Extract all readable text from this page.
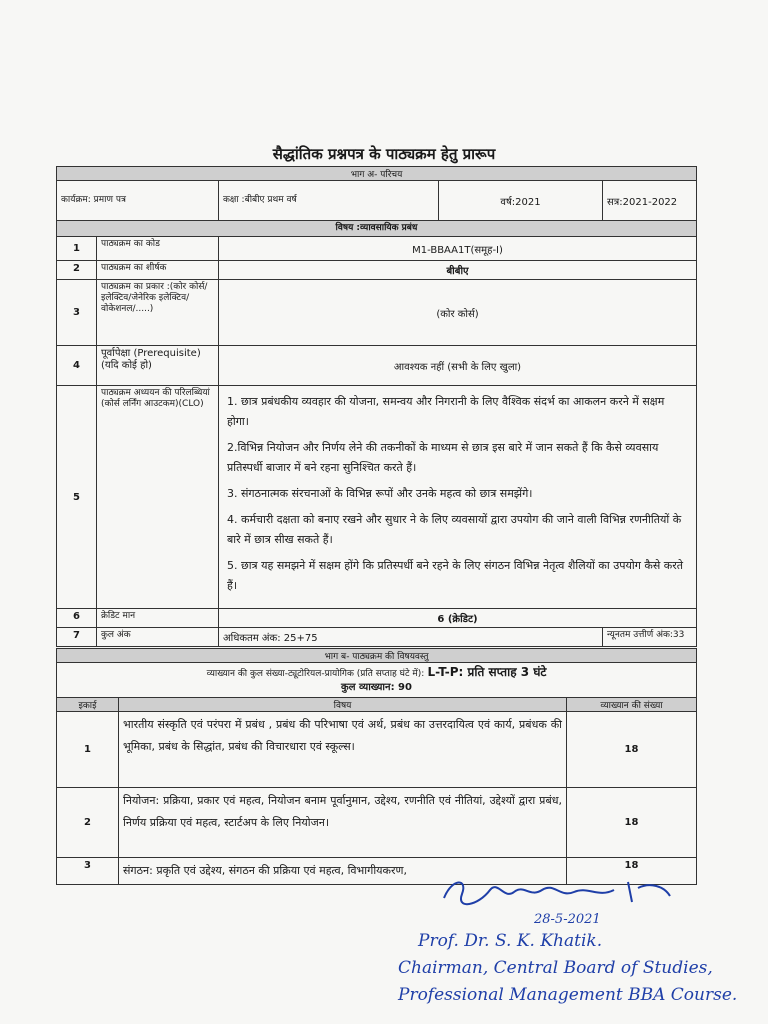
सैद्धांतिक प्रश्नपत्र के पाठ्यक्रम हेतु प्रारूप
भाग अ- परिचय				
कार्यक्रम: प्रमाण पत्र		कक्षा :बीबीए प्रथम वर्ष	वर्ष:2021	सत्र:2021-2022
विषय :व्यावसायिक प्रबंध				
1	पाठ्यक्रम का कोड	M1-BBAA1T(समूह-I)		
2	पाठ्यक्रम का शीर्षक	बीबीए		
3	पाठ्यक्रम का प्रकार :(कोर कोर्स/इलेक्टिव/जेनेरिक इलेक्टिव/वोकेशनल/.....)	(कोर कोर्स)		
4	पूर्वापेक्षा (Prerequisite) (यदि कोई हो)	आवश्यक नहीं (सभी के लिए खुला)		
5	पाठ्यक्रम अध्ययन की परिलब्धियां (कोर्स लर्निंग आउटकम)(CLO)	1. छात्र प्रबंधकीय व्यवहार की योजना, समन्वय और निगरानी के लिए वैश्विक संदर्भ का आकलन करने में सक्षम होगा।

2.विभिन्न नियोजन और निर्णय लेने की तकनीकों के माध्यम से छात्र इस बारे में जान सकते हैं कि कैसे व्यवसाय प्रतिस्पर्धी बाजार में बने रहना सुनिश्चित करते हैं।

3. संगठनात्मक संरचनाओं के विभिन्न रूपों और उनके महत्व को छात्र समझेंगे।

4. कर्मचारी दक्षता को बनाए रखने और सुधार ने के लिए व्यवसायों द्वारा उपयोग की जाने वाली विभिन्न रणनीतियों के बारे में छात्र सीख सकते हैं।

5. छात्र यह समझने में सक्षम होंगे कि प्रतिस्पर्धी बने रहने के लिए संगठन विभिन्न नेतृत्व शैलियों का उपयोग कैसे करते हैं।		

6	क्रेडिट मान	6 (क्रेडिट)		
7	कुल अंक	अधिकतम अंक: 25+75		न्यूनतम उत्तीर्ण अंक:33
भाग ब- पाठ्यक्रम की विषयवस्तु		
व्याख्यान की कुल संख्या-ट्यूटोरियल-प्रायोगिक (प्रति सप्ताह घंटे में): L-T-P: प्रति सप्ताह 3 घंटे
कुल व्याख्यान: 90		
इकाई	विषय	व्याख्यान की संख्या
1	भारतीय संस्कृति एवं परंपरा में प्रबंध , प्रबंध की परिभाषा एवं अर्थ, प्रबंध का उत्तरदायित्व एवं कार्य, प्रबंधक की भूमिका, प्रबंध के सिद्धांत, प्रबंध की विचारधारा एवं स्कूल्स।	18
2	नियोजन: प्रक्रिया, प्रकार एवं महत्व, नियोजन बनाम पूर्वानुमान, उद्देश्य, रणनीति एवं नीतियां, उद्देश्यों द्वारा प्रबंध, निर्णय प्रक्रिया एवं महत्व, स्टार्टअप के लिए नियोजन।	18
3	संगठन: प्रकृति एवं उद्देश्य, संगठन की प्रक्रिया एवं महत्व, विभागीयकरण,	18
28-5-2021
Prof. Dr. S. K. Khatik.
Chairman, Central Board of Studies,
Professional Management BBA Course.
